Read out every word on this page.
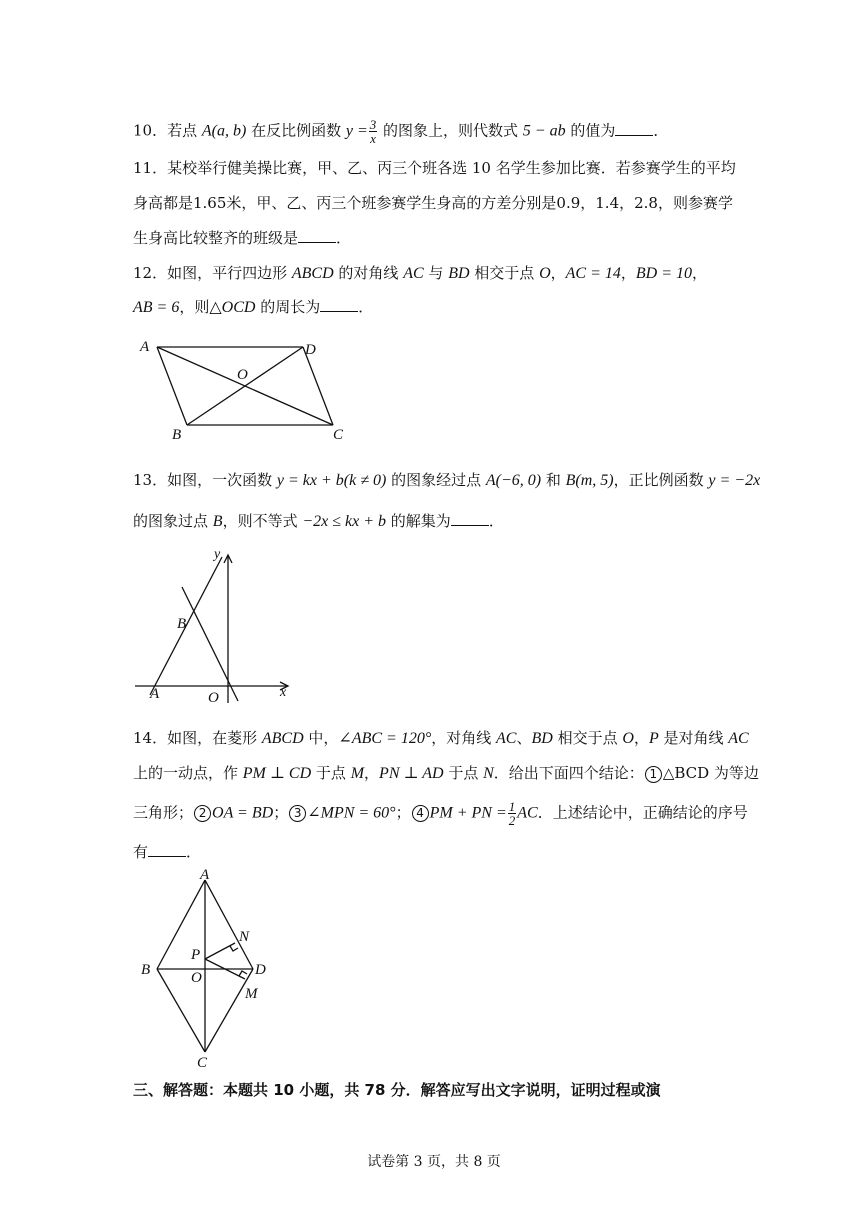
10．若点 A(a, b) 在反比例函数 $y = \frac{3}{x}$ 的图象上，则代数式 5 − ab 的值为	．
11．某校举行健美操比赛，甲、乙、丙三个班各选 10 名学生参加比赛．若参赛学生的平均
身高都是1.65米，甲、乙、丙三个班参赛学生身高的方差分别是0.9，1.4，2.8，则参赛学
生身高比较整齐的班级是	．
12．如图，平行四边形 ABCD 的对角线 AC 与 BD 相交于点 O，AC = 14，BD = 10，
AB = 6，则△OCD 的周长为	．
A	D
O
B	C
13．如图，一次函数 y = kx + b(k ≠ 0) 的图象经过点 A(−6, 0) 和 B(m, 5)，正比例函数 y = −2x
的图象过点 B，则不等式 −2x ≤ kx + b 的解集为	．
y
x
B
A	O
14．如图，在菱形 ABCD 中，∠ABC = 120°，对角线 AC、BD 相交于点 O，P 是对角线 AC
上的一动点，作 PM ⊥ CD 于点 M，PN ⊥ AD 于点 N．给出下面四个结论： 1 △BCD 为等边
三角形； 2 OA = BD； 3 ∠MPN = 60°； 4 PM + PN = $\frac{1}{2}$ AC．上述结论中，正确结论的序号
有	．
A
B	D
C
P
O
N
M
三、解答题：本题共 10 小题，共 78 分．解答应写出文字说明，证明过程或演
试卷第 3 页，共 8 页
